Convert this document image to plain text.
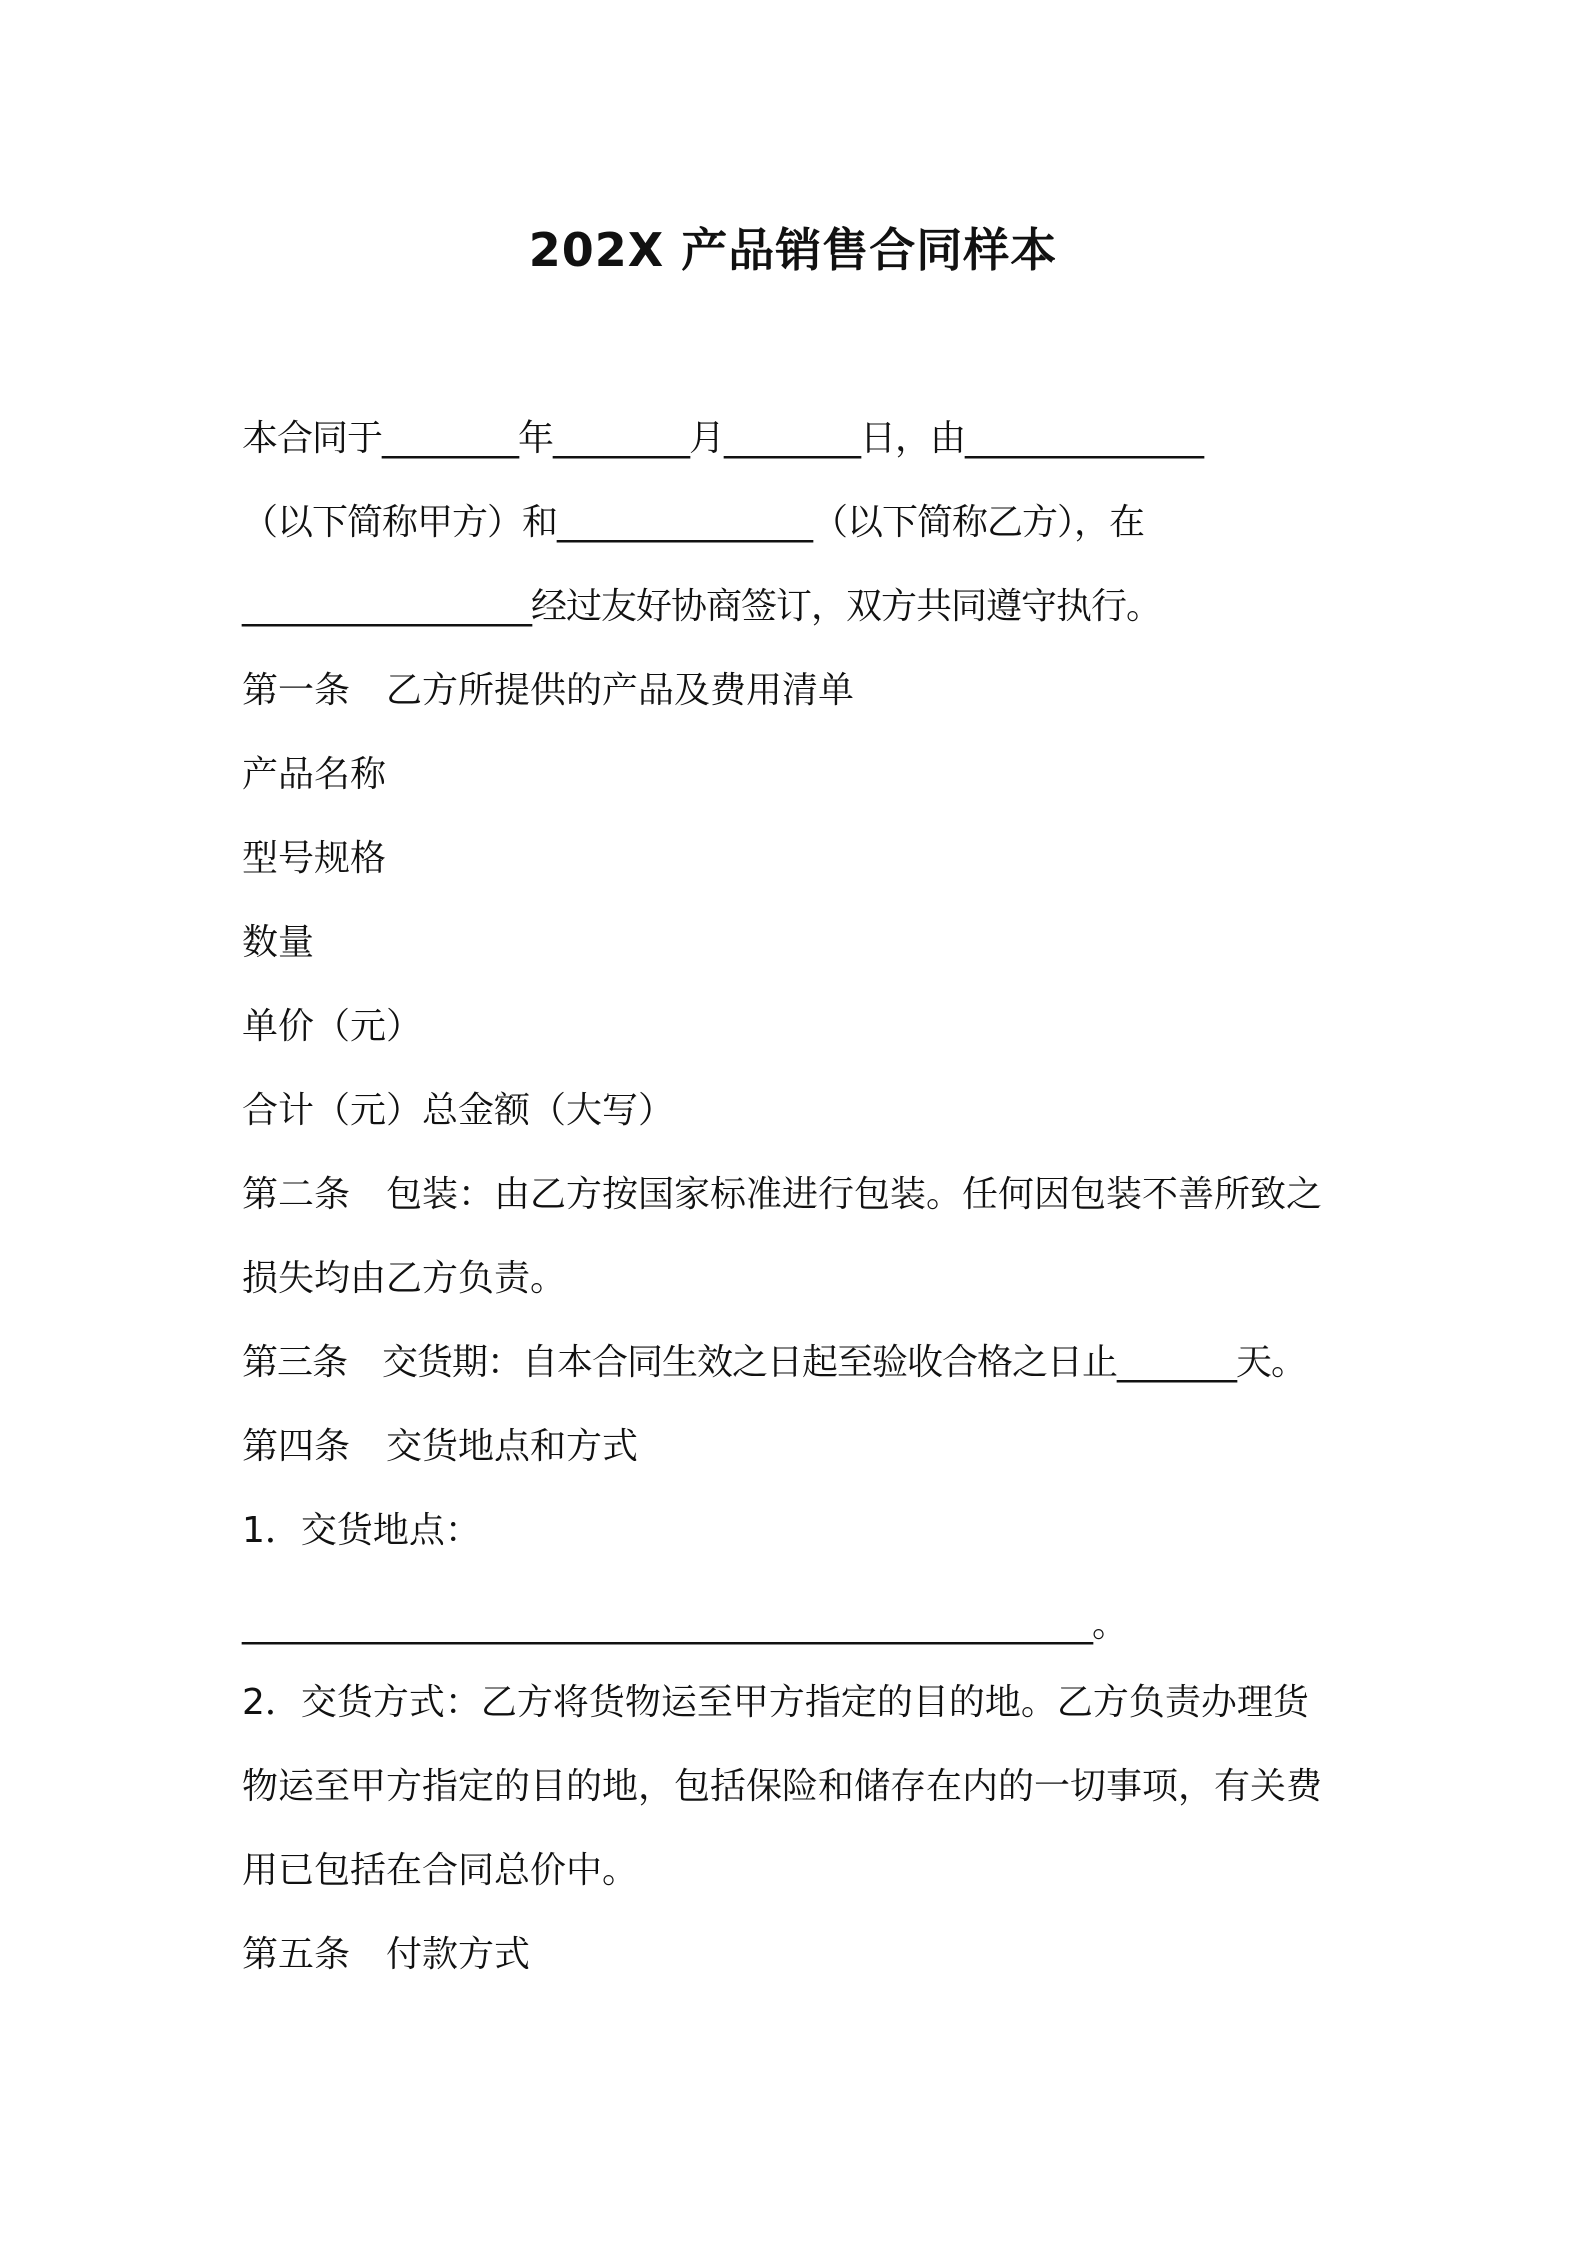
202X 产品销售合同样本
本合同于________年________月________日，由______________
（以下简称甲方）和_______________（以下简称乙方），在
_________________经过友好协商签订，双方共同遵守执行。
第一条　乙方所提供的产品及费用清单
产品名称
型号规格
数量
单价（元）
合计（元）总金额（大写）
第二条　包装：由乙方按国家标准进行包装。任何因包装不善所致之
损失均由乙方负责。
第三条　交货期：自本合同生效之日起至验收合格之日止_______天。
第四条　交货地点和方式
1．交货地点：
__________________________________________________。
2．交货方式：乙方将货物运至甲方指定的目的地。乙方负责办理货
物运至甲方指定的目的地，包括保险和储存在内的一切事项，有关费
用已包括在合同总价中。
第五条　付款方式
